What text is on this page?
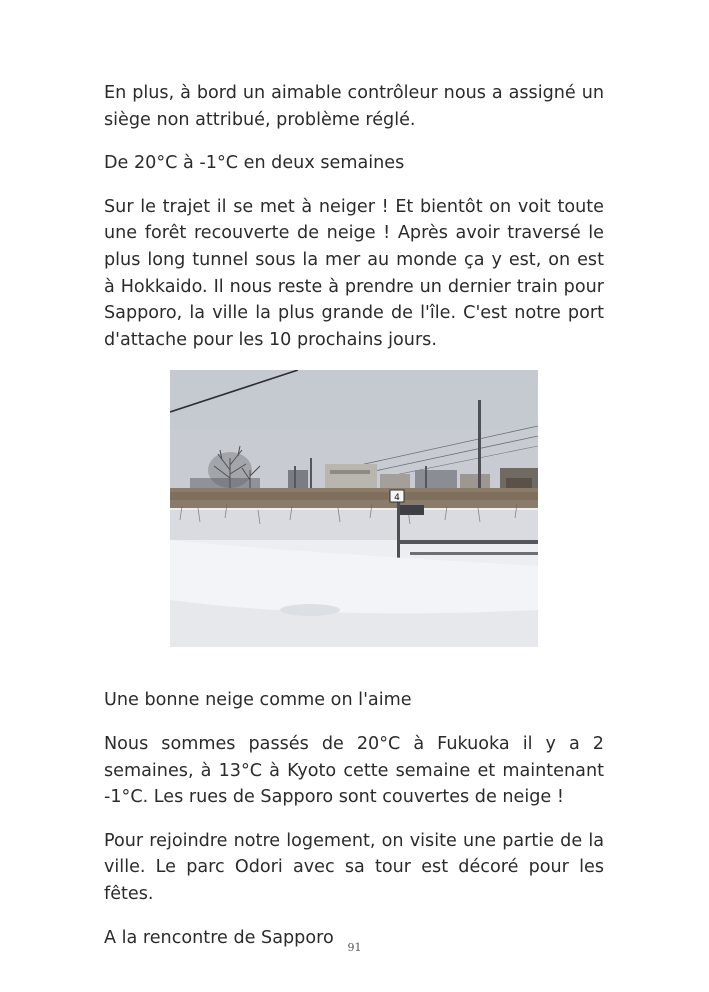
En plus, à bord un aimable contrôleur nous a assigné un siège non attribué, problème réglé.

De 20°C à -1°C en deux semaines

Sur le trajet il se met à neiger ! Et bientôt on voit toute une forêt recouverte de neige ! Après avoir traversé le plus long tunnel sous la mer au monde ça y est, on est à Hokkaido. Il nous reste à prendre un dernier train pour Sapporo, la ville la plus grande de l'île. C'est notre port d'attache pour les 10 prochains jours.

4

Une bonne neige comme on l'aime

Nous sommes passés de 20°C à Fukuoka il y a 2 semaines, à 13°C à Kyoto cette semaine et maintenant -1°C. Les rues de Sapporo sont couvertes de neige !

Pour rejoindre notre logement, on visite une partie de la ville. Le parc Odori avec sa tour est décoré pour les fêtes.

A la rencontre de Sapporo	91
